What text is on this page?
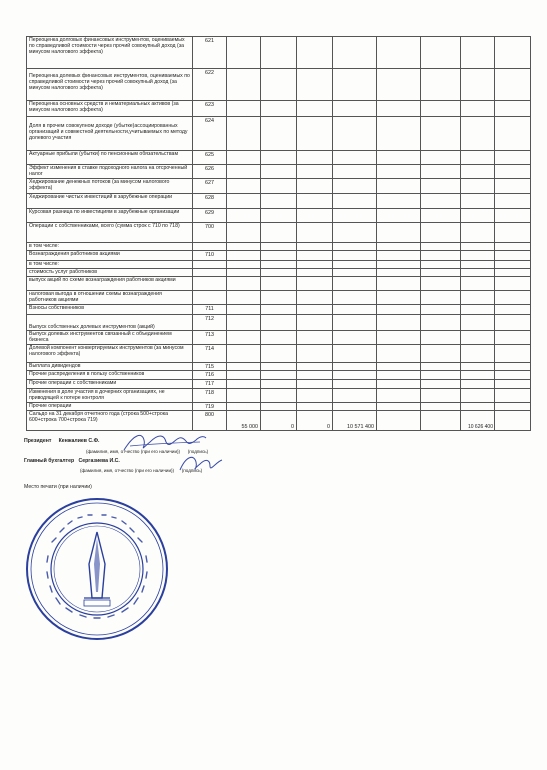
Переоценка долговых финансовых инструментов, оцениваемых по справедливой стоимости через прочий совокупный доход (за минусом налогового эффекта)	621								
Переоценка долевых финансовых инструментов, оцениваемых по справедливой стоимости через прочий совокупный доход (за минусом налогового эффекта)	622								
Переоценка основных средств и нематериальных активов (за минусом налогового эффекта)	623								
Доля в прочем совокупном доходе (убытке)ассоциированных организаций и совместной деятельности,учитываемых по методу долевого участия	624								
Актуарные прибыли (убытки) по пенсионным обязательствам	625								
Эффект изменения в ставке подоходного налога на отсроченный налог	626								
Хеджирование денежных потоков (за минусом налогового эффекта)	627								
Хеджирование чистых инвестиций в зарубежные операции	628								
Курсовая разница по инвестициям в зарубежные организации	629								
Операции с собственниками, всего (сумма строк с 710 по 718)	700								
в том числе:									
Вознаграждения работников акциями	710								
в том числе:									
стоимость услуг работников									
выпуск акций по схеме вознаграждения работников акциями									
налоговая выгода в отношении схемы вознаграждения работников акциями									
Взносы собственников	711								
Выпуск собственных долевых инструментов (акций)	712								
Выпуск долевых инструментов связанный с объединением бизнеса	713								
Долевой компонент конвертируемых инструментов (за минусом налогового эффекта)	714								
Выплата дивидендов	715								
Прочие распределения в пользу собственников	716								
Прочие операции с собственниками	717								
Изменения в доле участия в дочерних организациях, не приводящей к потере контроля	718								
Прочие операции	719								
Сальдо на 31 декабря отчетного года (строка 500+строка 600+строка 700+строка 719)	800	55 000	0	0	10 571 400			10 626 400	
Президент Кенжалиев С.Ф.
(фамилия, имя, отчество (при его наличии)) (подпись)
Главный бухгалтер Сергазиева И.С.
(фамилия, имя, отчество (при его наличии)) (подпись)
Место печати (при наличии)
